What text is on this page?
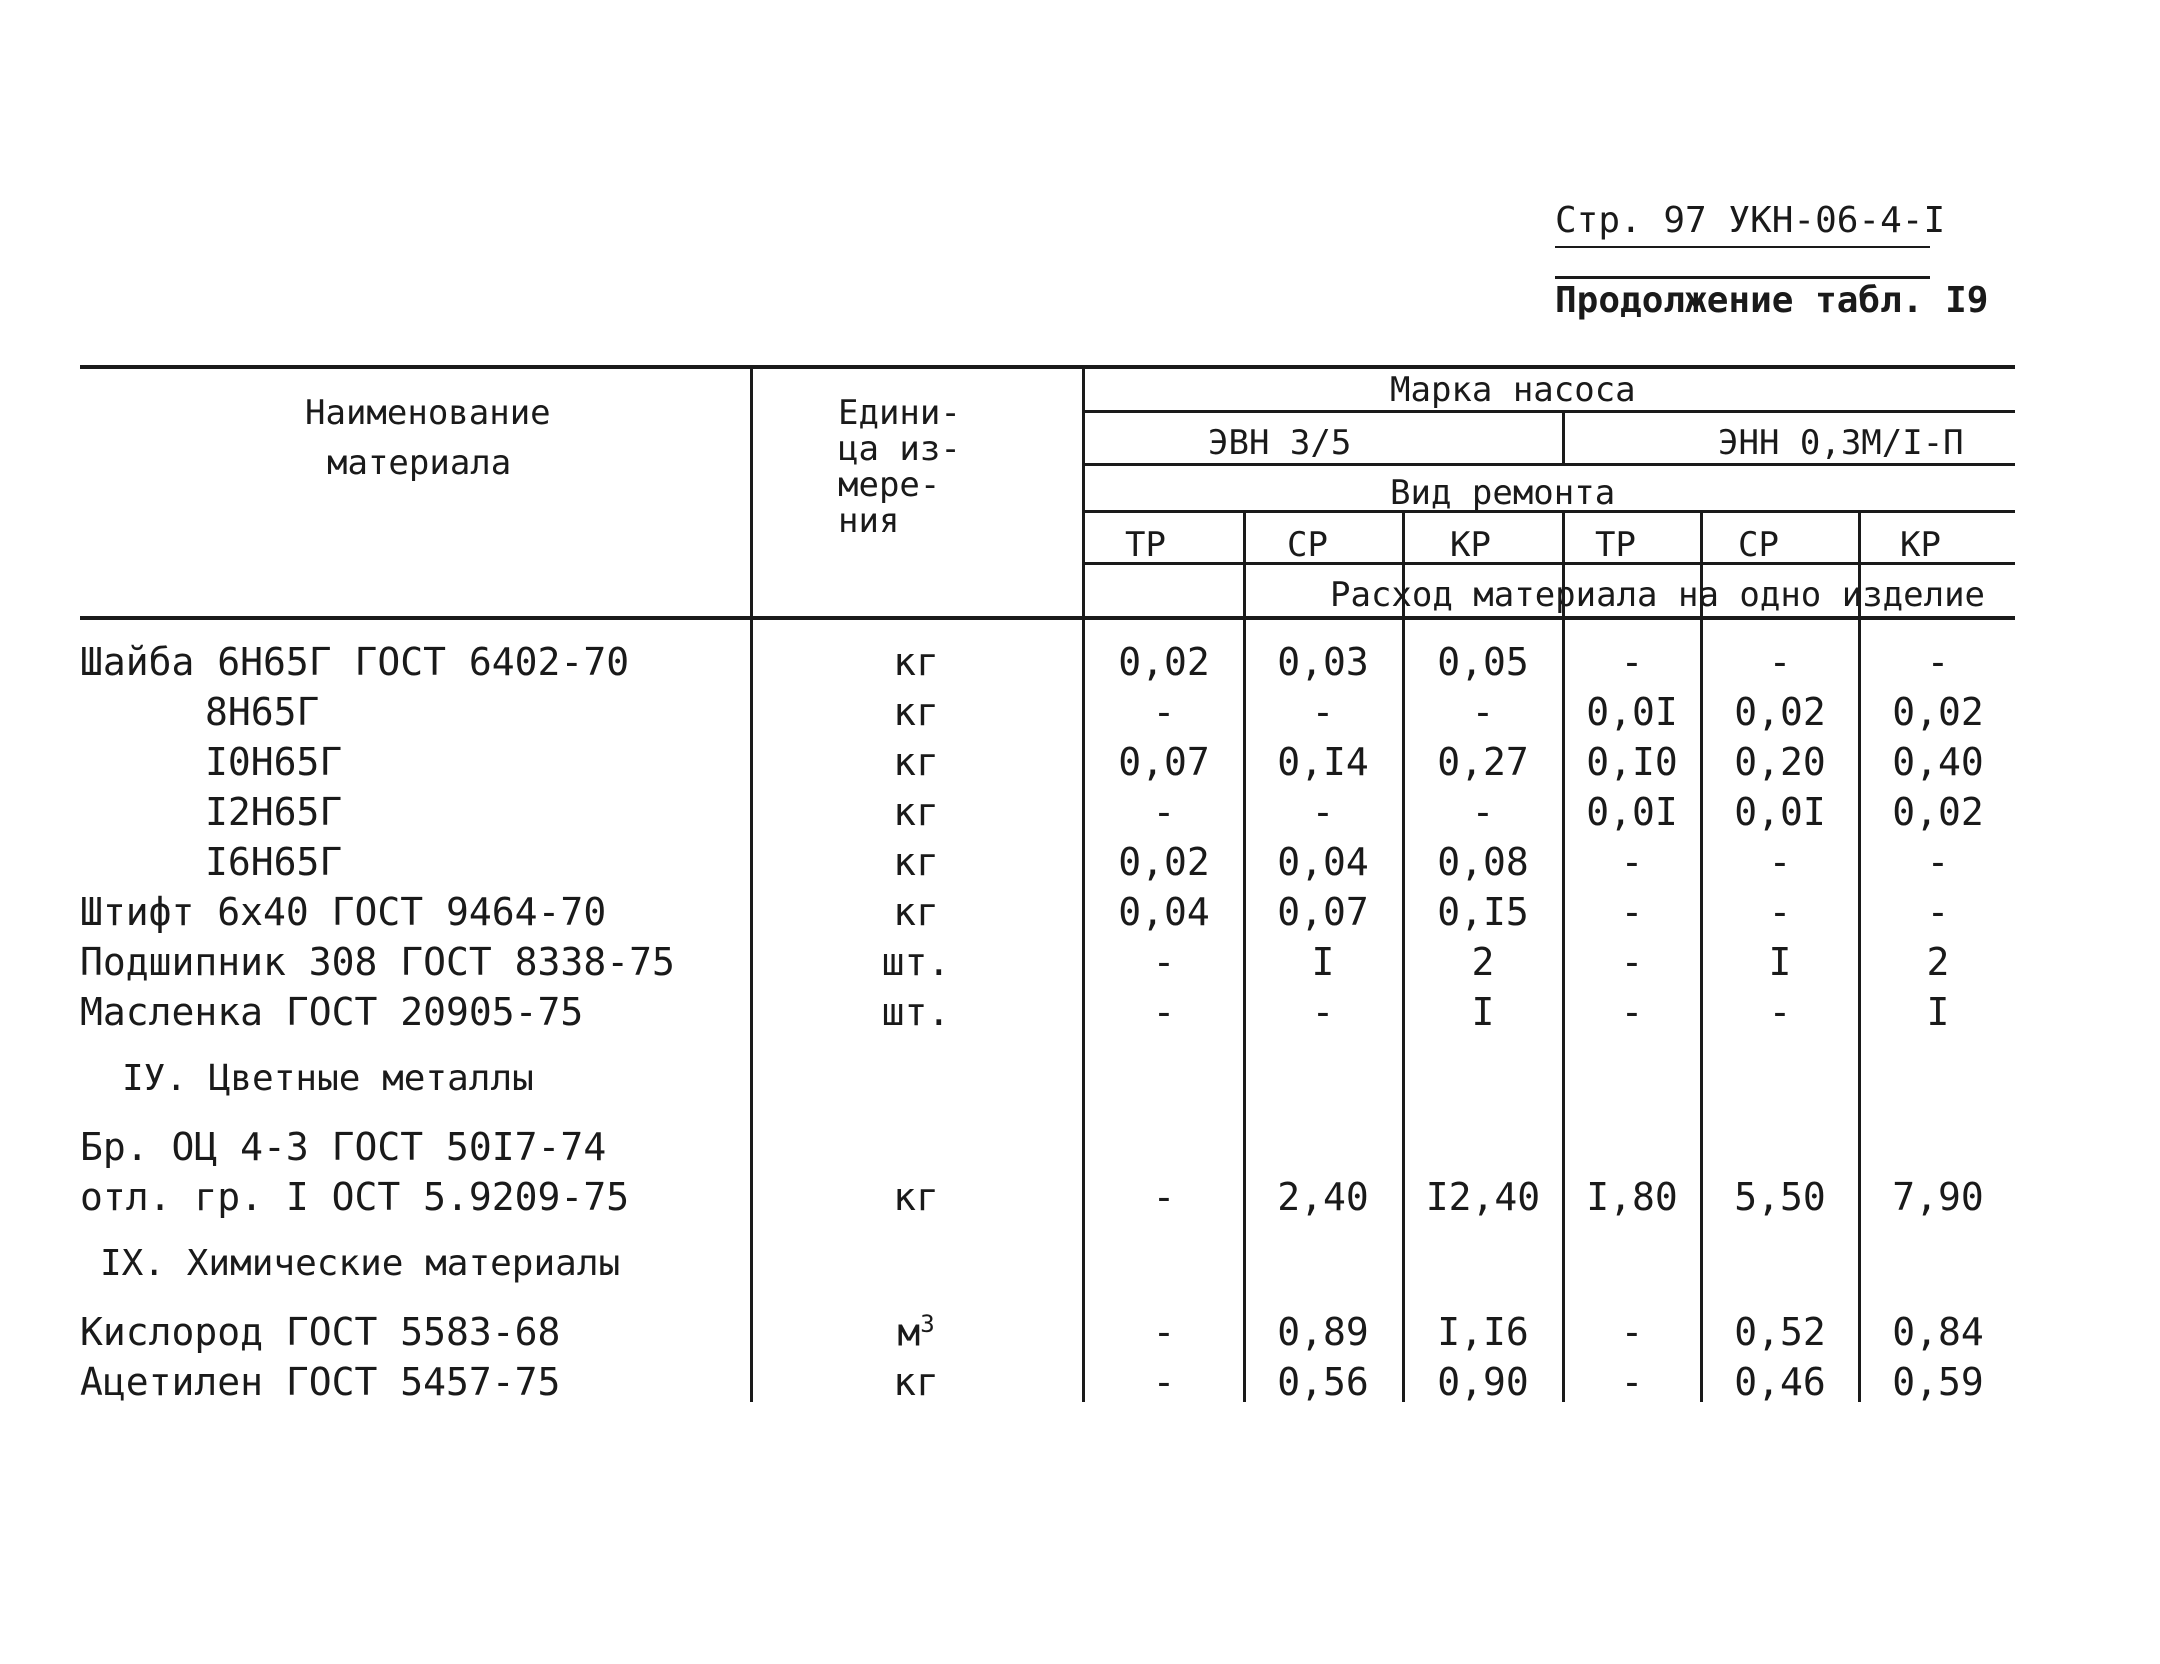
Стр. 97 УКН-06-4-I
Продолжение табл. I9
Наименование
материала
Едини-
ца из-
мере-
ния
Марка насоса
ЭВН 3/5	ЭНН 0,3М/I-П
Вид ремонта
ТР	СР	КР	ТР	СР	КР
Расход материала на одно изделие
Шайба 6Н65Г ГОСТ 6402-70	кг	0,02	0,03	0,05	-	-	-
8Н65Г	кг	-	-	-	0,0I	0,02	0,02
I0Н65Г	кг	0,07	0,I4	0,27	0,I0	0,20	0,40
I2Н65Г	кг	-	-	-	0,0I	0,0I	0,02
I6Н65Г	кг	0,02	0,04	0,08	-	-	-
Штифт 6х40 ГОСТ 9464-70	кг	0,04	0,07	0,I5	-	-	-
Подшипник 308 ГОСТ 8338-75	шт.	-	I	2	-	I	2
Масленка ГОСТ 20905-75	шт.	-	-	I	-	-	I
IУ. Цветные металлы
Бр. ОЦ 4-3 ГОСТ 50I7-74
отл. гр. I ОСТ 5.9209-75	кг	-	2,40	I2,40	I,80	5,50	7,90
IX. Химические материалы
Кислород ГОСТ 5583-68	$м^3$	-	0,89	I,I6	-	0,52	0,84
Ацетилен ГОСТ 5457-75	кг	-	0,56	0,90	-	0,46	0,59
